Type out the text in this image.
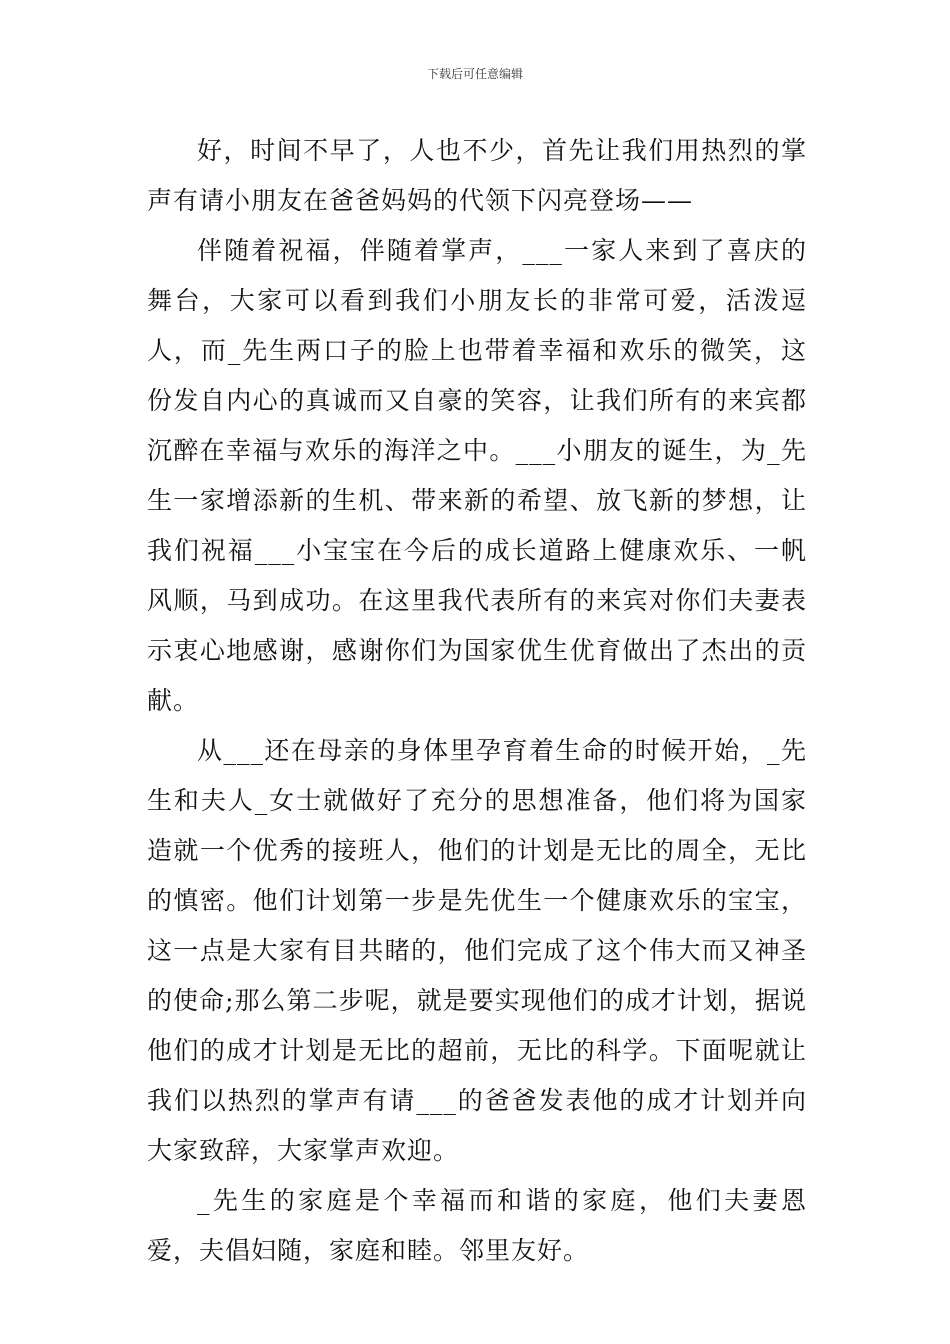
下载后可任意编辑

好，时间不早了，人也不少，首先让我们用热烈的掌声有请小朋友在爸爸妈妈的代领下闪亮登场——

伴随着祝福，伴随着掌声，___一家人来到了喜庆的舞台，大家可以看到我们小朋友长的非常可爱，活泼逗人，而_先生两口子的脸上也带着幸福和欢乐的微笑，这份发自内心的真诚而又自豪的笑容，让我们所有的来宾都沉醉在幸福与欢乐的海洋之中。___小朋友的诞生，为_先生一家增添新的生机、带来新的希望、放飞新的梦想，让我们祝福___小宝宝在今后的成长道路上健康欢乐、一帆风顺，马到成功。在这里我代表所有的来宾对你们夫妻表示衷心地感谢，感谢你们为国家优生优育做出了杰出的贡献。

从___还在母亲的身体里孕育着生命的时候开始，_先生和夫人_女士就做好了充分的思想准备，他们将为国家造就一个优秀的接班人，他们的计划是无比的周全，无比的慎密。他们计划第一步是先优生一个健康欢乐的宝宝，这一点是大家有目共睹的，他们完成了这个伟大而又神圣的使命;那么第二步呢，就是要实现他们的成才计划，据说他们的成才计划是无比的超前，无比的科学。下面呢就让我们以热烈的掌声有请___的爸爸发表他的成才计划并向大家致辞，大家掌声欢迎。

_先生的家庭是个幸福而和谐的家庭，他们夫妻恩爱，夫倡妇随，家庭和睦。邻里友好。
